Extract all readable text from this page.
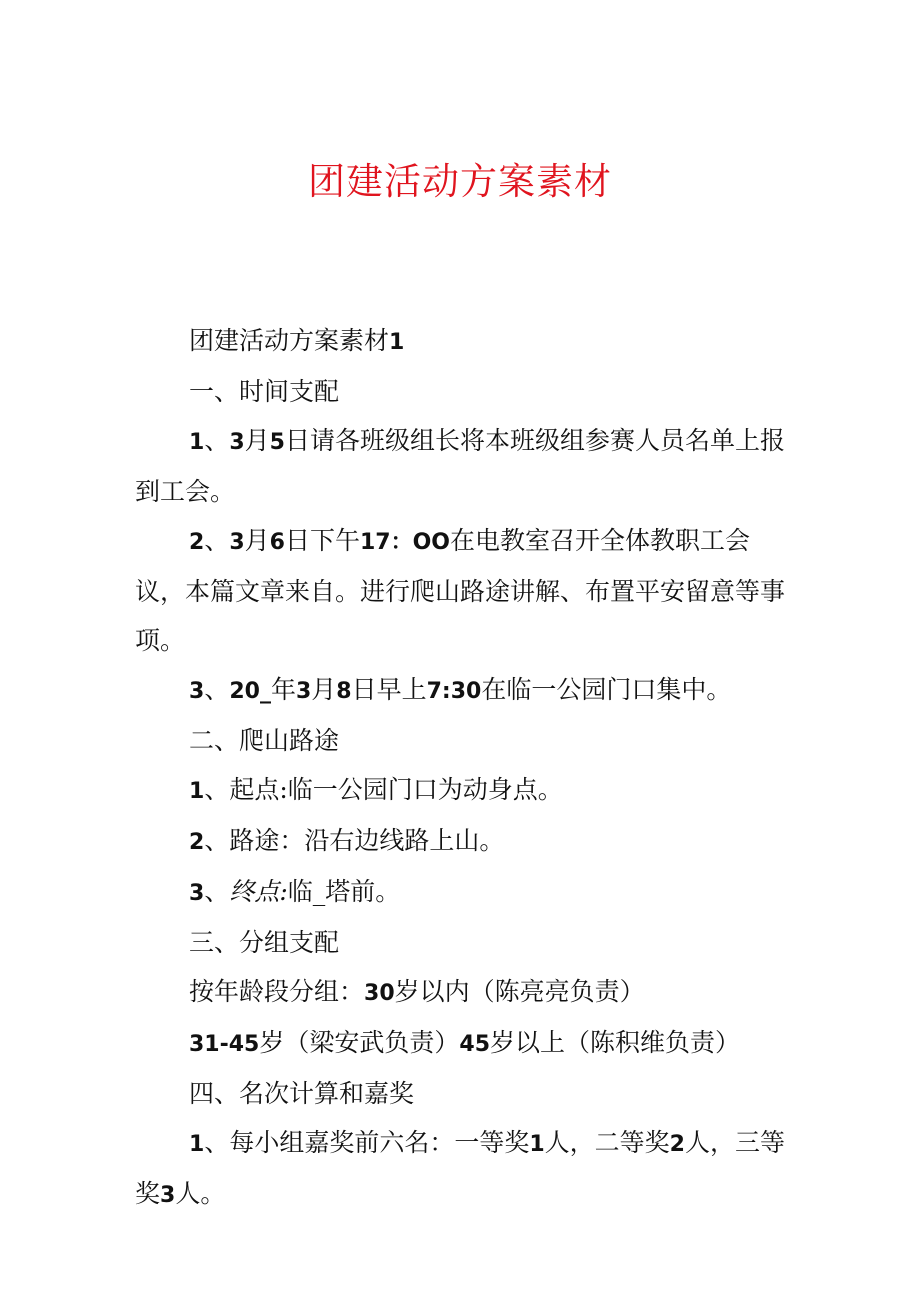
团建活动方案素材

团建活动方案素材1

一、时间支配

1、3月5日请各班级组长将本班级组参赛人员名单上报到工会。

2、3月6日下午17：OO在电教室召开全体教职工会议，本篇文章来自。进行爬山路途讲解、布置平安留意等事项。

3、20_年3月8日早上7:30在临一公园门口集中。

二、爬山路途

1、起点:临一公园门口为动身点。

2、路途：沿右边线路上山。

3、终点:临_塔前。

三、分组支配

按年龄段分组：30岁以内（陈亮亮负责）

31-45岁（梁安武负责）45岁以上（陈积维负责）

四、名次计算和嘉奖

1、每小组嘉奖前六名：一等奖1人，二等奖2人，三等奖3人。
